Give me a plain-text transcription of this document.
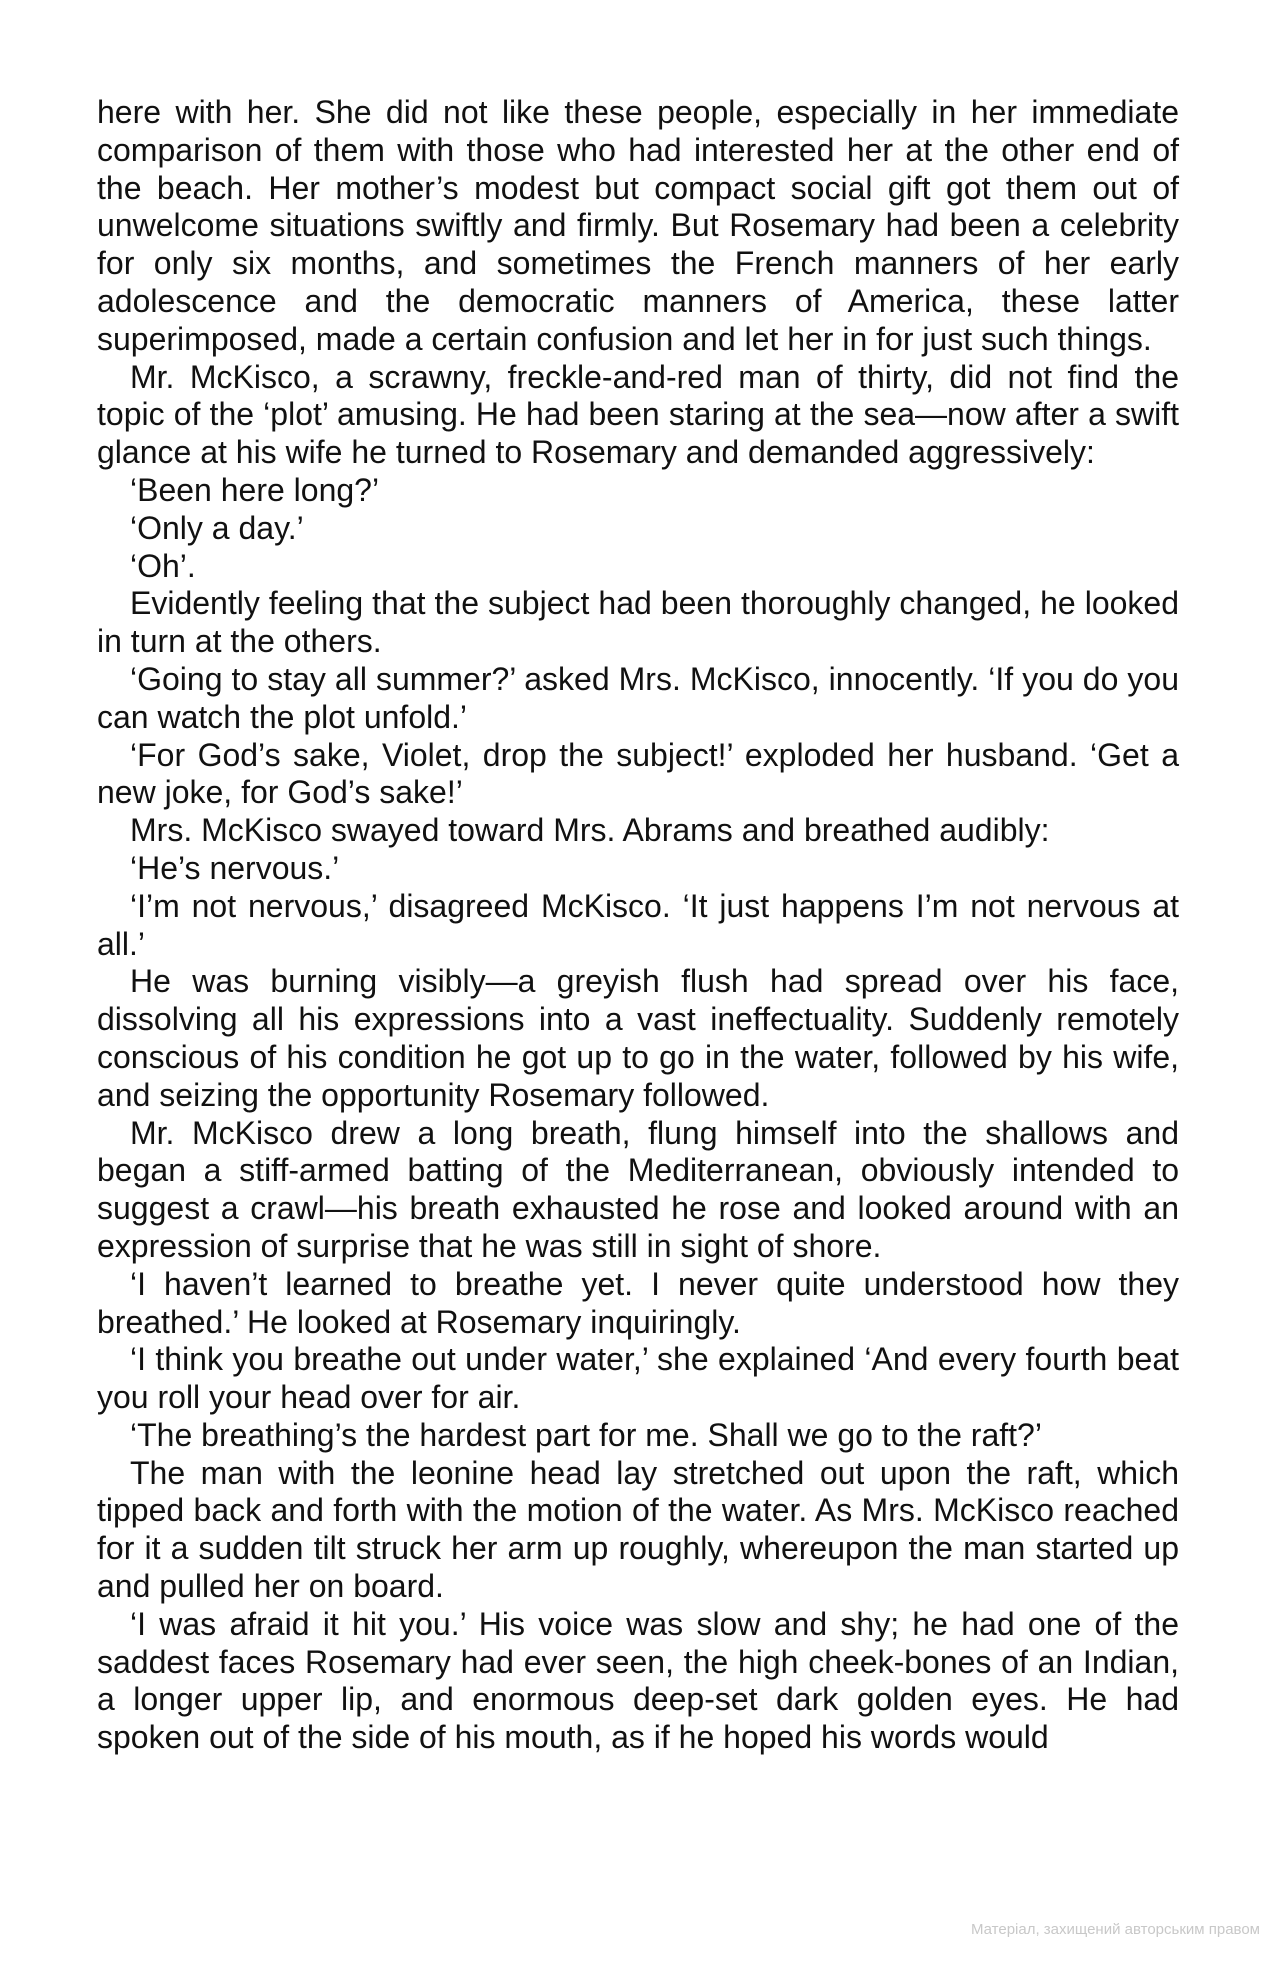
here with her. She did not like these people, especially in her immediate comparison of them with those who had interested her at the other end of the beach. Her mother’s modest but compact social gift got them out of unwelcome situations swiftly and firmly. But Rosemary had been a celebrity for only six months, and sometimes the French manners of her early adolescence and the democratic manners of America, these latter superimposed, made a certain confusion and let her in for just such things.

Mr. McKisco, a scrawny, freckle-and-red man of thirty, did not find the topic of the ‘plot’ amusing. He had been staring at the sea—now after a swift glance at his wife he turned to Rosemary and demanded aggressively:

‘Been here long?’

‘Only a day.’

‘Oh’.

Evidently feeling that the subject had been thoroughly changed, he looked in turn at the others.

‘Going to stay all summer?’ asked Mrs. McKisco, innocently. ‘If you do you can watch the plot unfold.’

‘For God’s sake, Violet, drop the subject!’ exploded her husband. ‘Get a new joke, for God’s sake!’

Mrs. McKisco swayed toward Mrs. Abrams and breathed audibly:

‘He’s nervous.’

‘I’m not nervous,’ disagreed McKisco. ‘It just happens I’m not nervous at all.’

He was burning visibly—a greyish flush had spread over his face, dissolving all his expressions into a vast ineffectuality. Suddenly remotely conscious of his condition he got up to go in the water, followed by his wife, and seizing the opportunity Rosemary followed.

Mr. McKisco drew a long breath, flung himself into the shallows and began a stiff-armed batting of the Mediterranean, obviously intended to suggest a crawl—his breath exhausted he rose and looked around with an expression of surprise that he was still in sight of shore.

‘I haven’t learned to breathe yet. I never quite understood how they breathed.’ He looked at Rosemary inquiringly.

‘I think you breathe out under water,’ she explained ‘And every fourth beat you roll your head over for air.

‘The breathing’s the hardest part for me. Shall we go to the raft?’

The man with the leonine head lay stretched out upon the raft, which tipped back and forth with the motion of the water. As Mrs. McKisco reached for it a sudden tilt struck her arm up roughly, whereupon the man started up and pulled her on board.

‘I was afraid it hit you.’ His voice was slow and shy; he had one of the saddest faces Rosemary had ever seen, the high cheek-bones of an Indian, a longer upper lip, and enormous deep-set dark golden eyes. He had spoken out of the side of his mouth, as if he hoped his words would

Матеріал, захищений авторським правом
